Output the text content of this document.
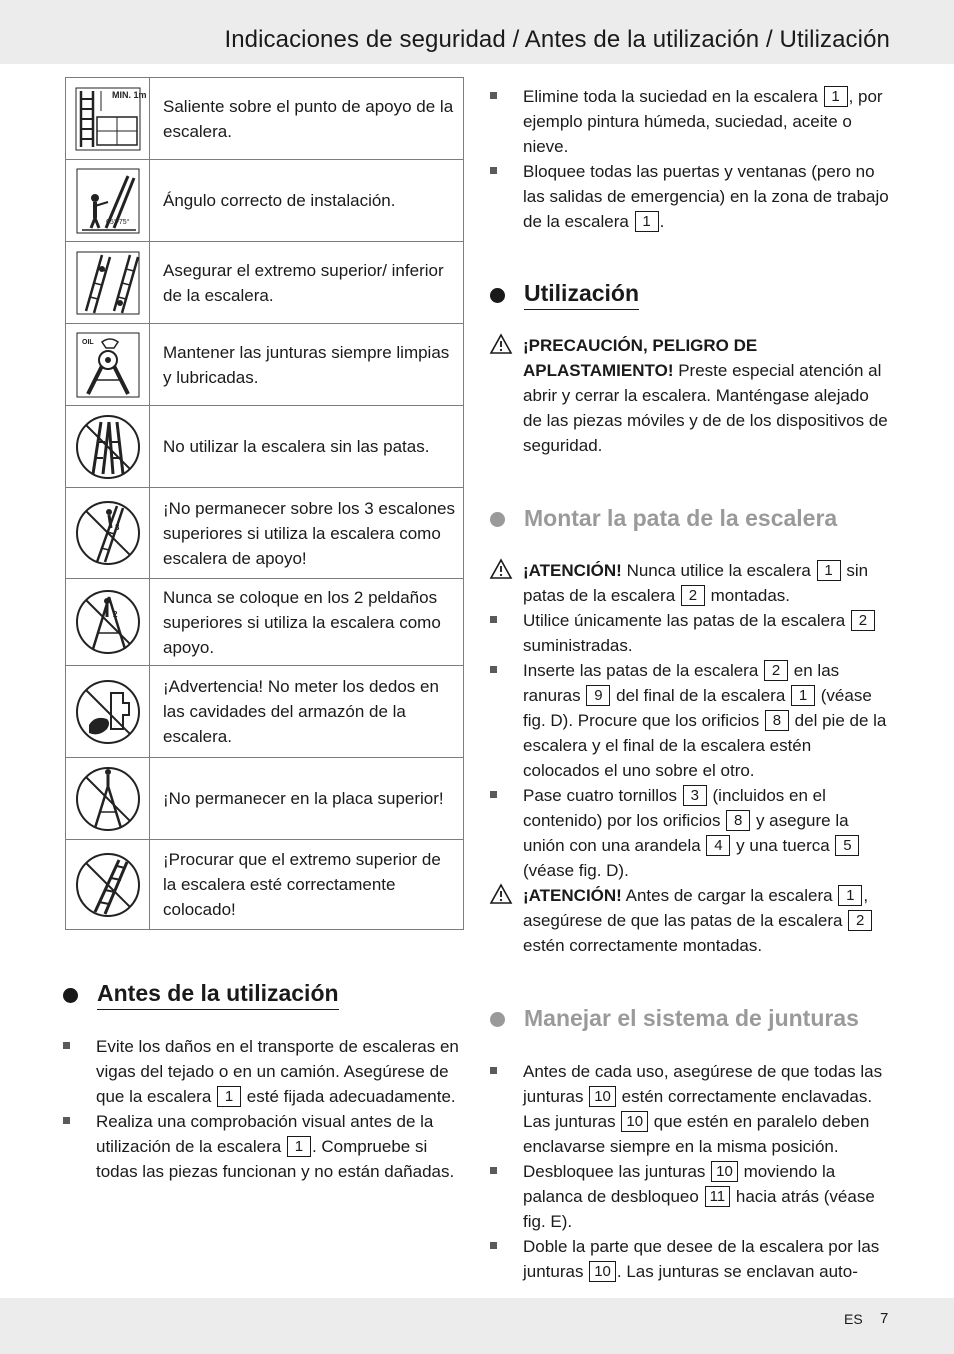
Indicaciones de seguridad / Antes de la utilización / Utilización
MIN. 1m
Saliente sobre el punto de apoyo de la escalera.
65°-75°
Ángulo correcto de instalación.
Asegurar el extremo superior/ inferior de la escalera.
OIL
Mantener las junturas siempre limpias y lubricadas.
No utilizar la escalera sin las patas.
3
¡No permanecer sobre los 3 escalones superiores si utiliza la escalera como escalera de apoyo!
2
Nunca se coloque en los 2 peldaños superiores si utiliza la escalera como apoyo.
¡Advertencia! No meter los dedos en las cavidades del armazón de la escalera.
¡No permanecer en la placa superior!
¡Procurar que el extremo superior de la escalera esté correctamente colocado!
Antes de la utilización
Evite los daños en el transporte de escaleras en vigas del tejado o en un camión. Asegúrese de que la escalera 1 esté fijada adecuadamente.
Realiza una comprobación visual antes de la utilización de la escalera 1 . Compruebe si todas las piezas funcionan y no están dañadas.
Elimine toda la suciedad en la escalera 1 , por ejemplo pintura húmeda, suciedad, aceite o nieve.
Bloquee todas las puertas y ventanas (pero no las salidas de emergencia) en la zona de trabajo de la escalera 1 .
Utilización
¡PRECAUCIÓN, PELIGRO DE APLASTAMIENTO! Preste especial atención al abrir y cerrar la escalera. Manténgase alejado de las piezas móviles y de de los dispositivos de seguridad.
Montar la pata de la escalera
¡ATENCIÓN! Nunca utilice la escalera 1 sin patas de la escalera 2 montadas.
Utilice únicamente las patas de la escalera 2 suministradas.
Inserte las patas de la escalera 2 en las ranuras 9 del final de la escalera 1 (véase fig. D). Procure que los orificios 8 del pie de la escalera y el final de la escalera estén colocados el uno sobre el otro.
Pase cuatro tornillos 3 (incluidos en el contenido) por los orificios 8 y asegure la unión con una arandela 4 y una tuerca 5 (véase fig. D).
¡ATENCIÓN! Antes de cargar la escalera 1 , asegúrese de que las patas de la escalera 2 estén correctamente montadas.
Manejar el sistema de junturas
Antes de cada uso, asegúrese de que todas las junturas 10 estén correctamente enclavadas. Las junturas 10 que estén en paralelo deben enclavarse siempre en la misma posición.
Desbloquee las junturas 10 moviendo la palanca de desbloqueo 11 hacia atrás (véase fig. E).
Doble la parte que desee de la escalera por las junturas 10 . Las junturas se enclavan auto-
ES 7
